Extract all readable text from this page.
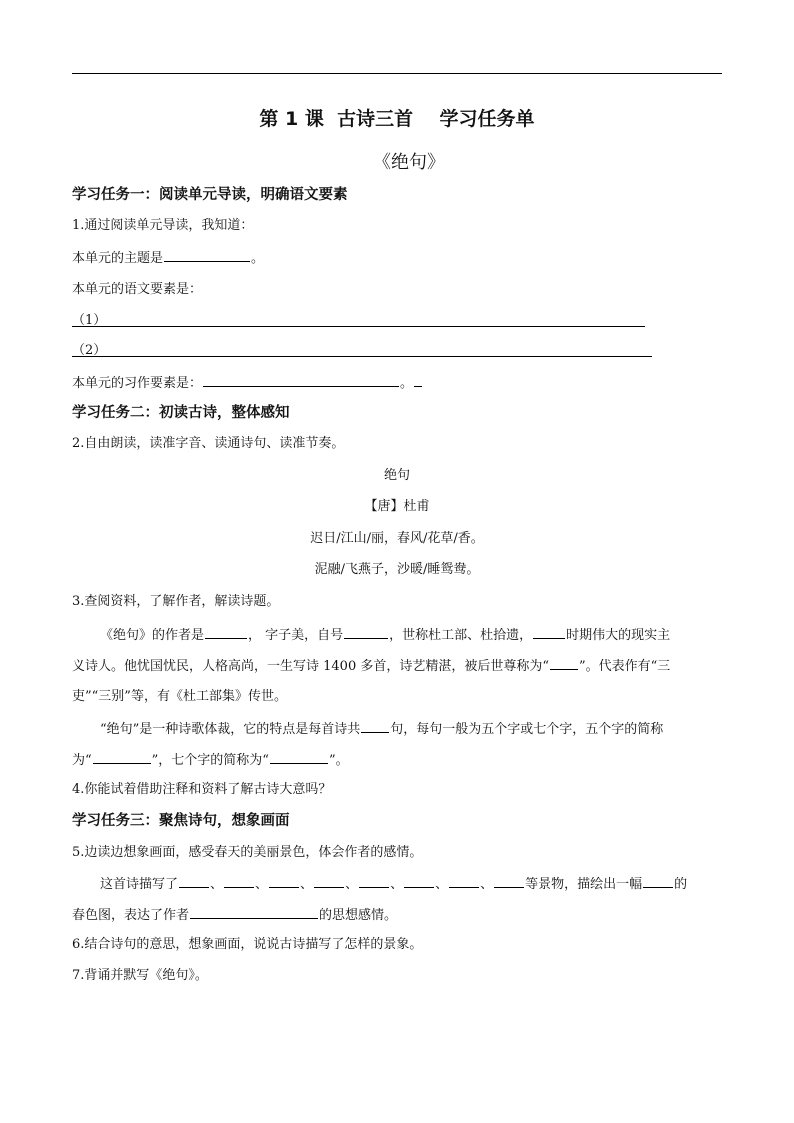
第 1 课  古诗三首    学习任务单
《绝句》
学习任务一：阅读单元导读，明确语文要素
1.通过阅读单元导读，我知道：
本单元的主题是	。
本单元的语文要素是：
（1）
（2）
本单元的习作要素是：	。
学习任务二：初读古诗，整体感知
2.自由朗读，读准字音、读通诗句、读准节奏。
绝句
【唐】杜甫
迟日/江山/丽，春风/花草/香。
泥融/飞燕子，沙暖/睡鸳鸯。
3.查阅资料，了解作者，解读诗题。
《绝句》的作者是	， 字子美，自号	，世称杜工部、杜拾遗，	时期伟大的现实主
义诗人。他忧国忧民，人格高尚，一生写诗 1400 多首，诗艺精湛，被后世尊称为“ ”。代表作有“三
吏”“三别”等，有《杜工部集》传世。
“绝句”是一种诗歌体裁，它的特点是每首诗共 句，每句一般为五个字或七个字，五个字的简称
为“	”，七个字的简称为“	”。
4.你能试着借助注释和资料了解古诗大意吗？
学习任务三：聚焦诗句，想象画面
5.边读边想象画面，感受春天的美丽景色，体会作者的感情。
这首诗描写了 、 、 、 、 、 、 、 等景物，描绘出一幅 的
春色图，表达了作者	的思想感情。
6.结合诗句的意思，想象画面，说说古诗描写了怎样的景象。
7.背诵并默写《绝句》。
